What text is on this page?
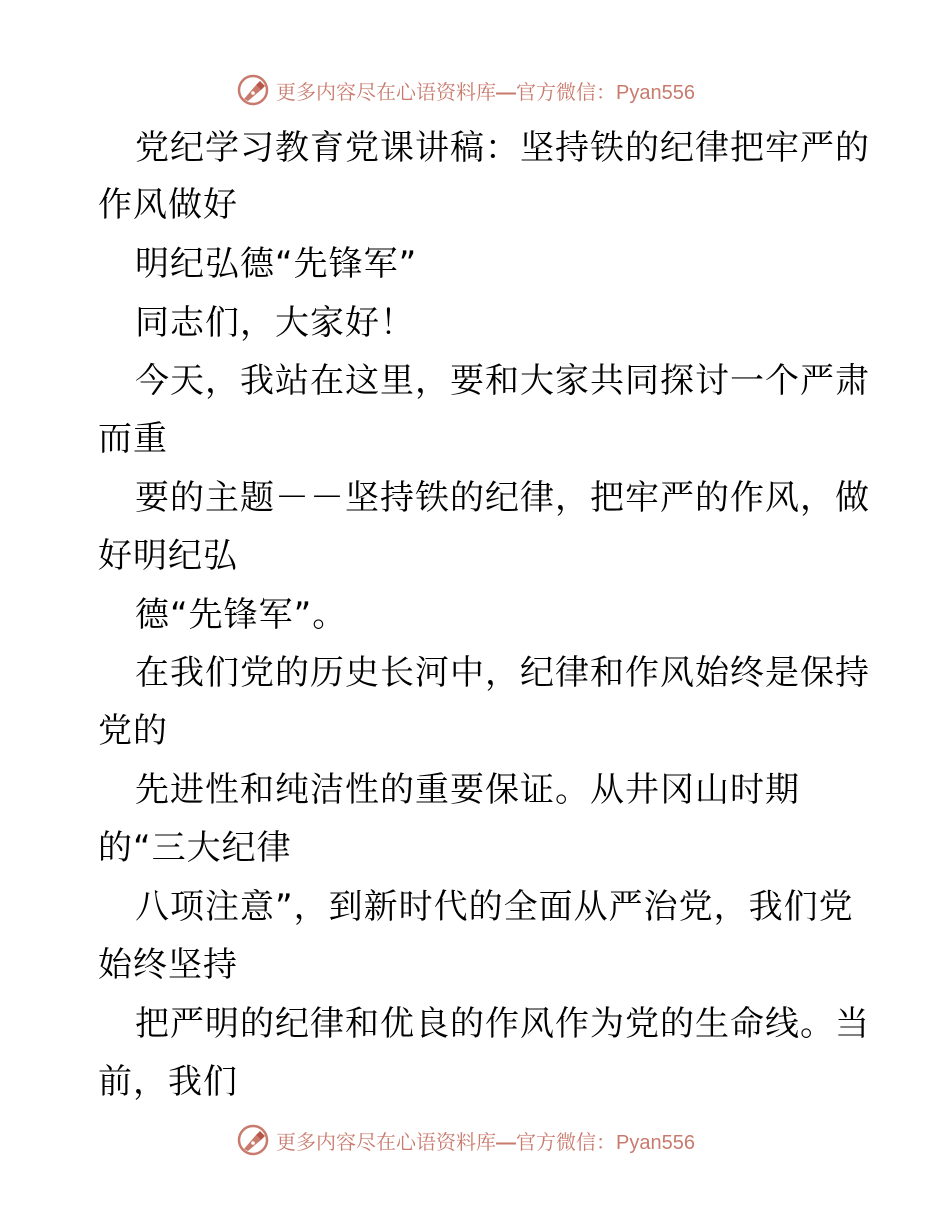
更多内容尽在心语资料库—官方微信：Pyan556
党纪学习教育党课讲稿：坚持铁的纪律把牢严的
作风做好
明纪弘德“先锋军”
同志们，大家好！
今天，我站在这里，要和大家共同探讨一个严肃
而重
要的主题－－坚持铁的纪律，把牢严的作风，做
好明纪弘
德“先锋军”。
在我们党的历史长河中，纪律和作风始终是保持
党的
先进性和纯洁性的重要保证。从井冈山时期
的“三大纪律
八项注意”，到新时代的全面从严治党，我们党
始终坚持
把严明的纪律和优良的作风作为党的生命线。当
前，我们
更多内容尽在心语资料库—官方微信：Pyan556
